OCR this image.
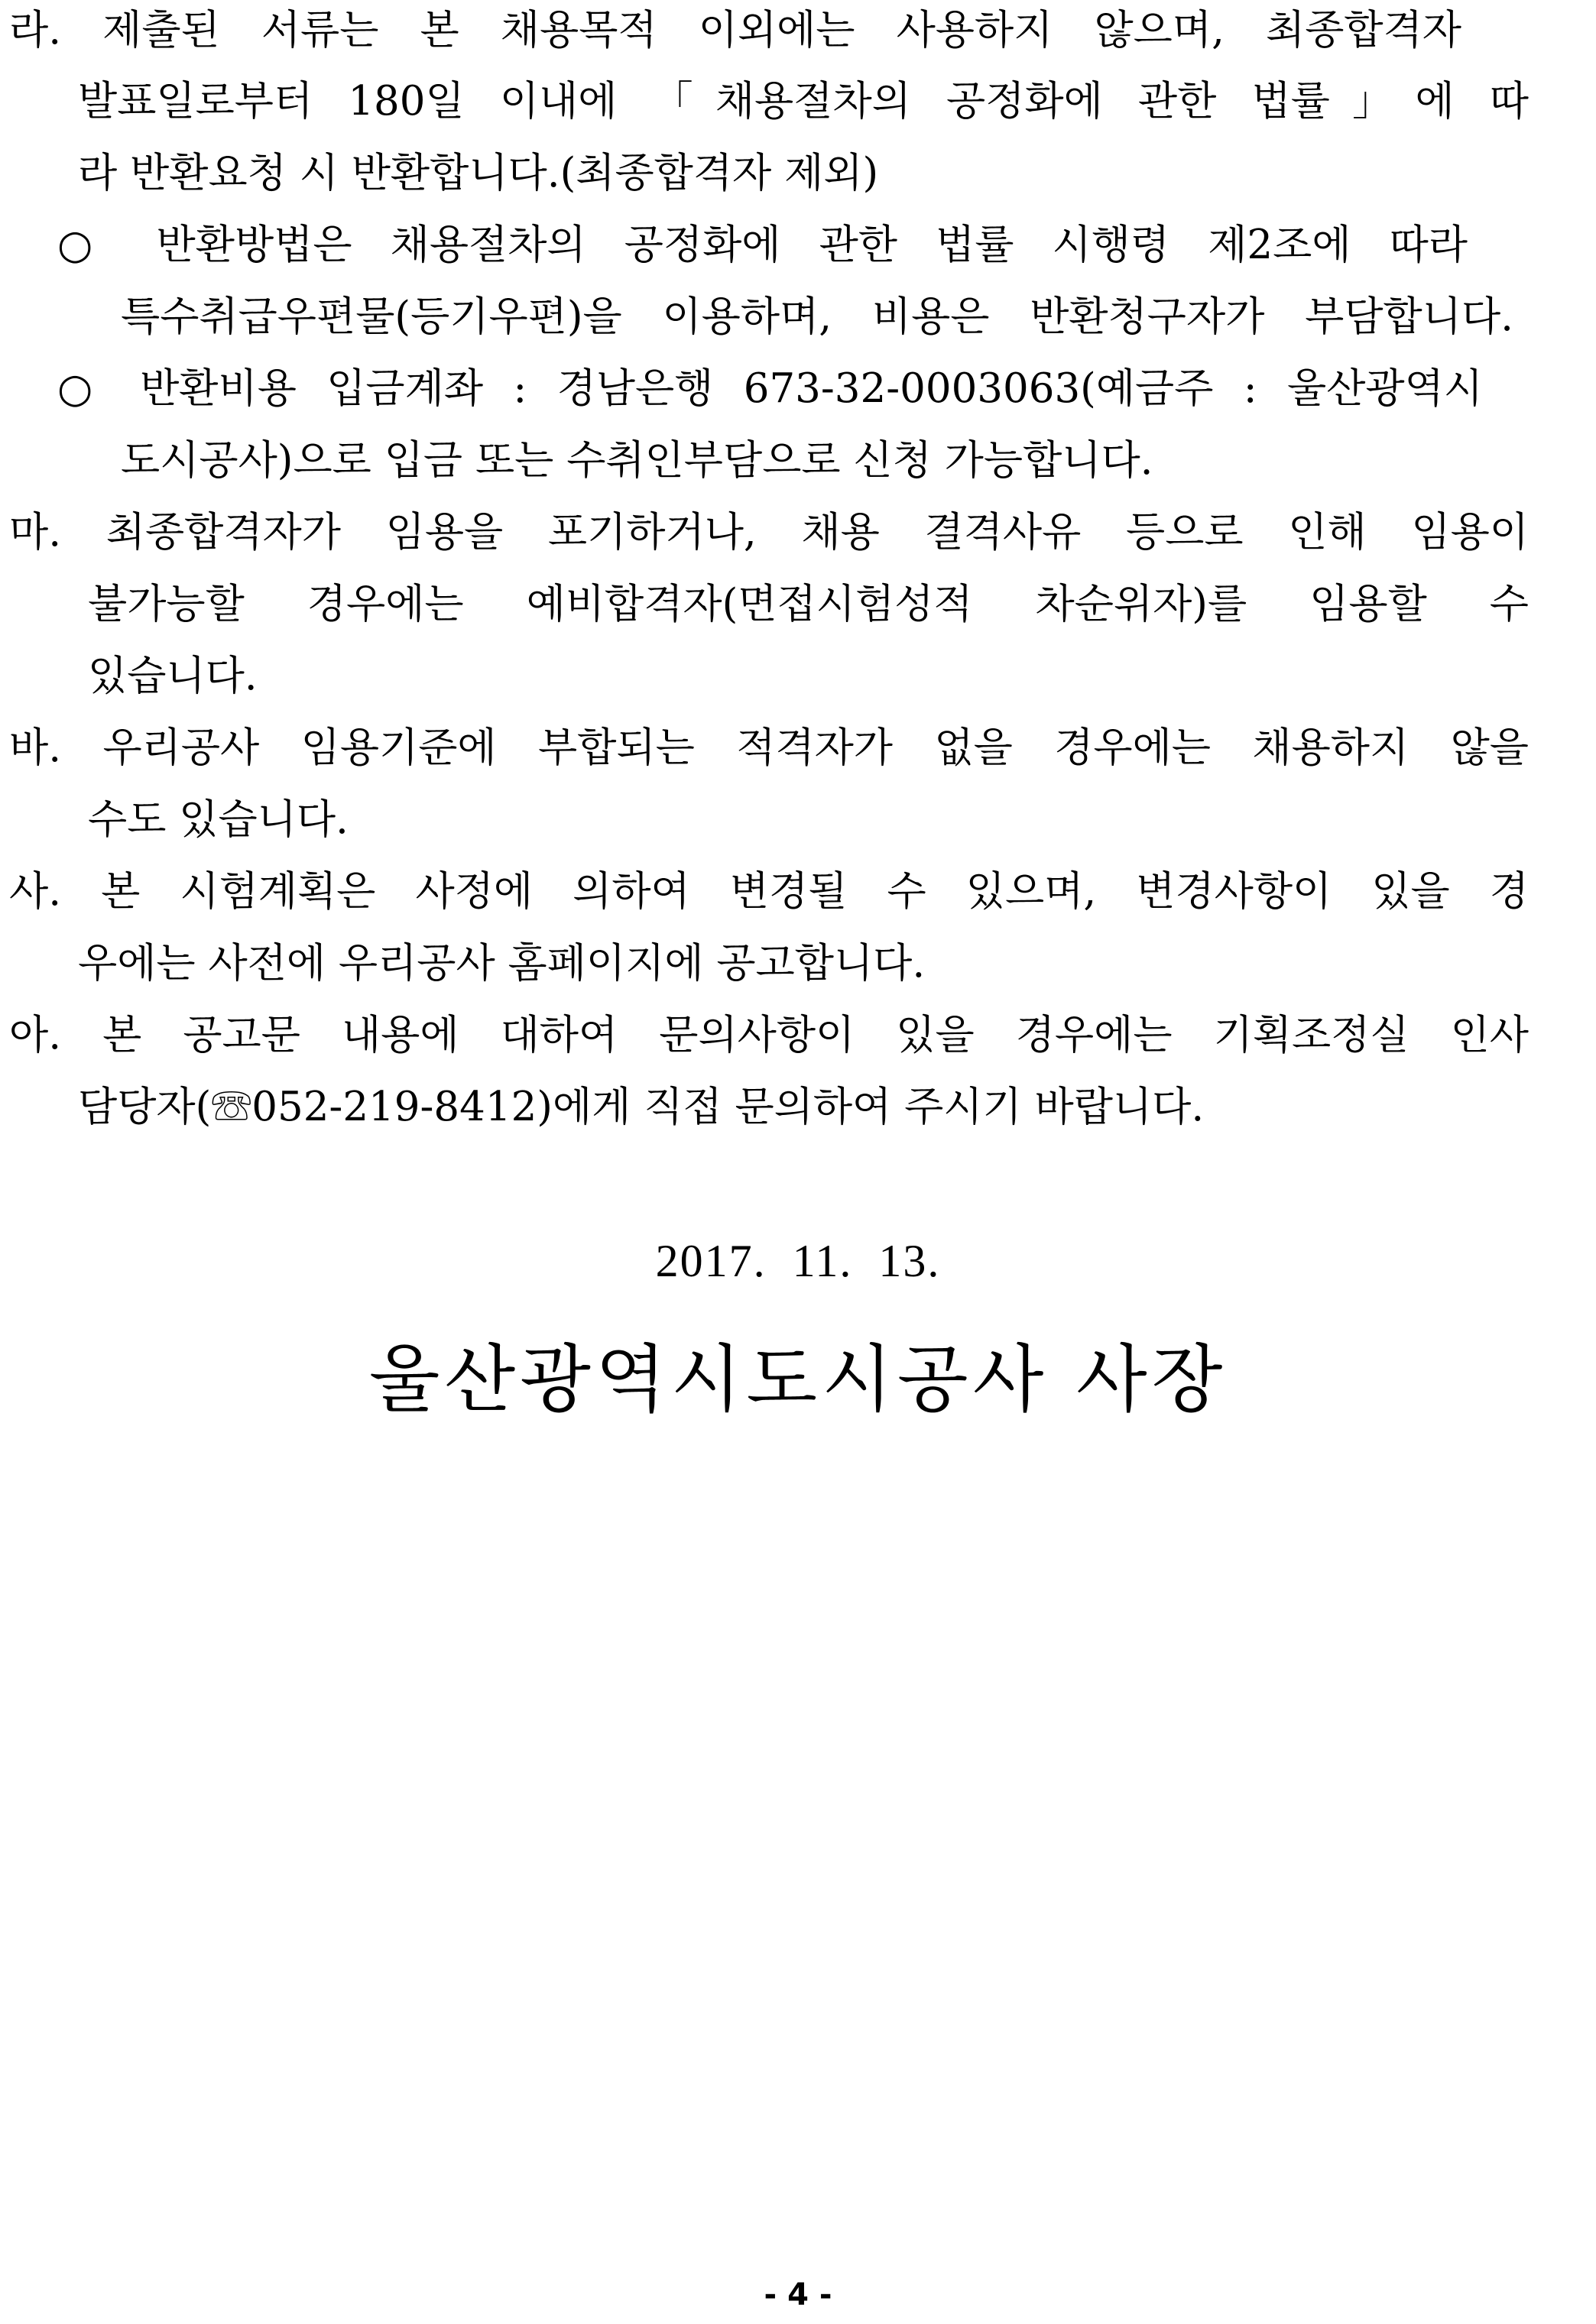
라. 제출된 서류는 본 채용목적 이외에는 사용하지 않으며, 최종합격자

발표일로부터 180일 이내에 「채용절차의 공정화에 관한 법률」에 따

라 반환요청 시 반환합니다.(최종합격자 제외)

○ 반환방법은 채용절차의 공정화에 관한 법률 시행령 제2조에 따라

특수취급우편물(등기우편)을 이용하며, 비용은 반환청구자가 부담합니다.

○ 반환비용 입금계좌 : 경남은행 673-32-0003063(예금주 : 울산광역시

도시공사)으로 입금 또는 수취인부담으로 신청 가능합니다.

마. 최종합격자가 임용을 포기하거나, 채용 결격사유 등으로 인해 임용이

불가능할 경우에는 예비합격자(면접시험성적 차순위자)를 임용할 수

있습니다.

바. 우리공사 임용기준에 부합되는 적격자가 없을 경우에는 채용하지 않을

수도 있습니다.

사. 본 시험계획은 사정에 의하여 변경될 수 있으며, 변경사항이 있을 경

우에는 사전에 우리공사 홈페이지에 공고합니다.

아. 본 공고문 내용에 대하여 문의사항이 있을 경우에는 기획조정실 인사

담당자(☏052-219-8412)에게 직접 문의하여 주시기 바랍니다.

2017.  11.  13.
울산광역시도시공사 사장
- 4 -
